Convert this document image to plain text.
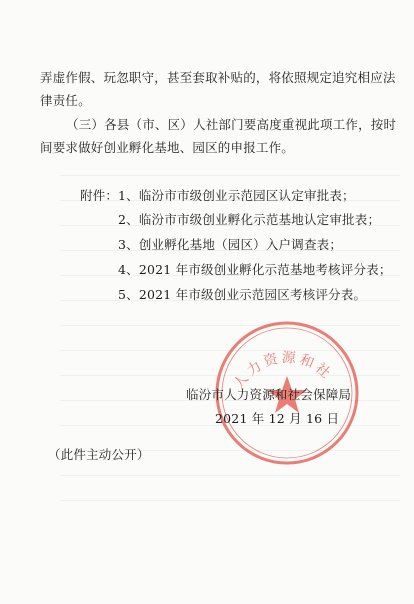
弄虚作假、玩忽职守，甚至套取补贴的，将依照规定追究相应法
律责任。
（三）各县（市、区）人社部门要高度重视此项工作，按时
间要求做好创业孵化基地、园区的申报工作。
附件： 1、临汾市市级创业示范园区认定审批表；
2、临汾市市级创业孵化示范基地认定审批表；
3、创业孵化基地（园区）入户调查表；
4、2021 年市级创业孵化示范基地考核评分表；
5、2021 年市级创业示范园区考核评分表。
人力资源和社
临汾市人力资源和社会保障局
2021 年 12 月 16 日
（此件主动公开）
